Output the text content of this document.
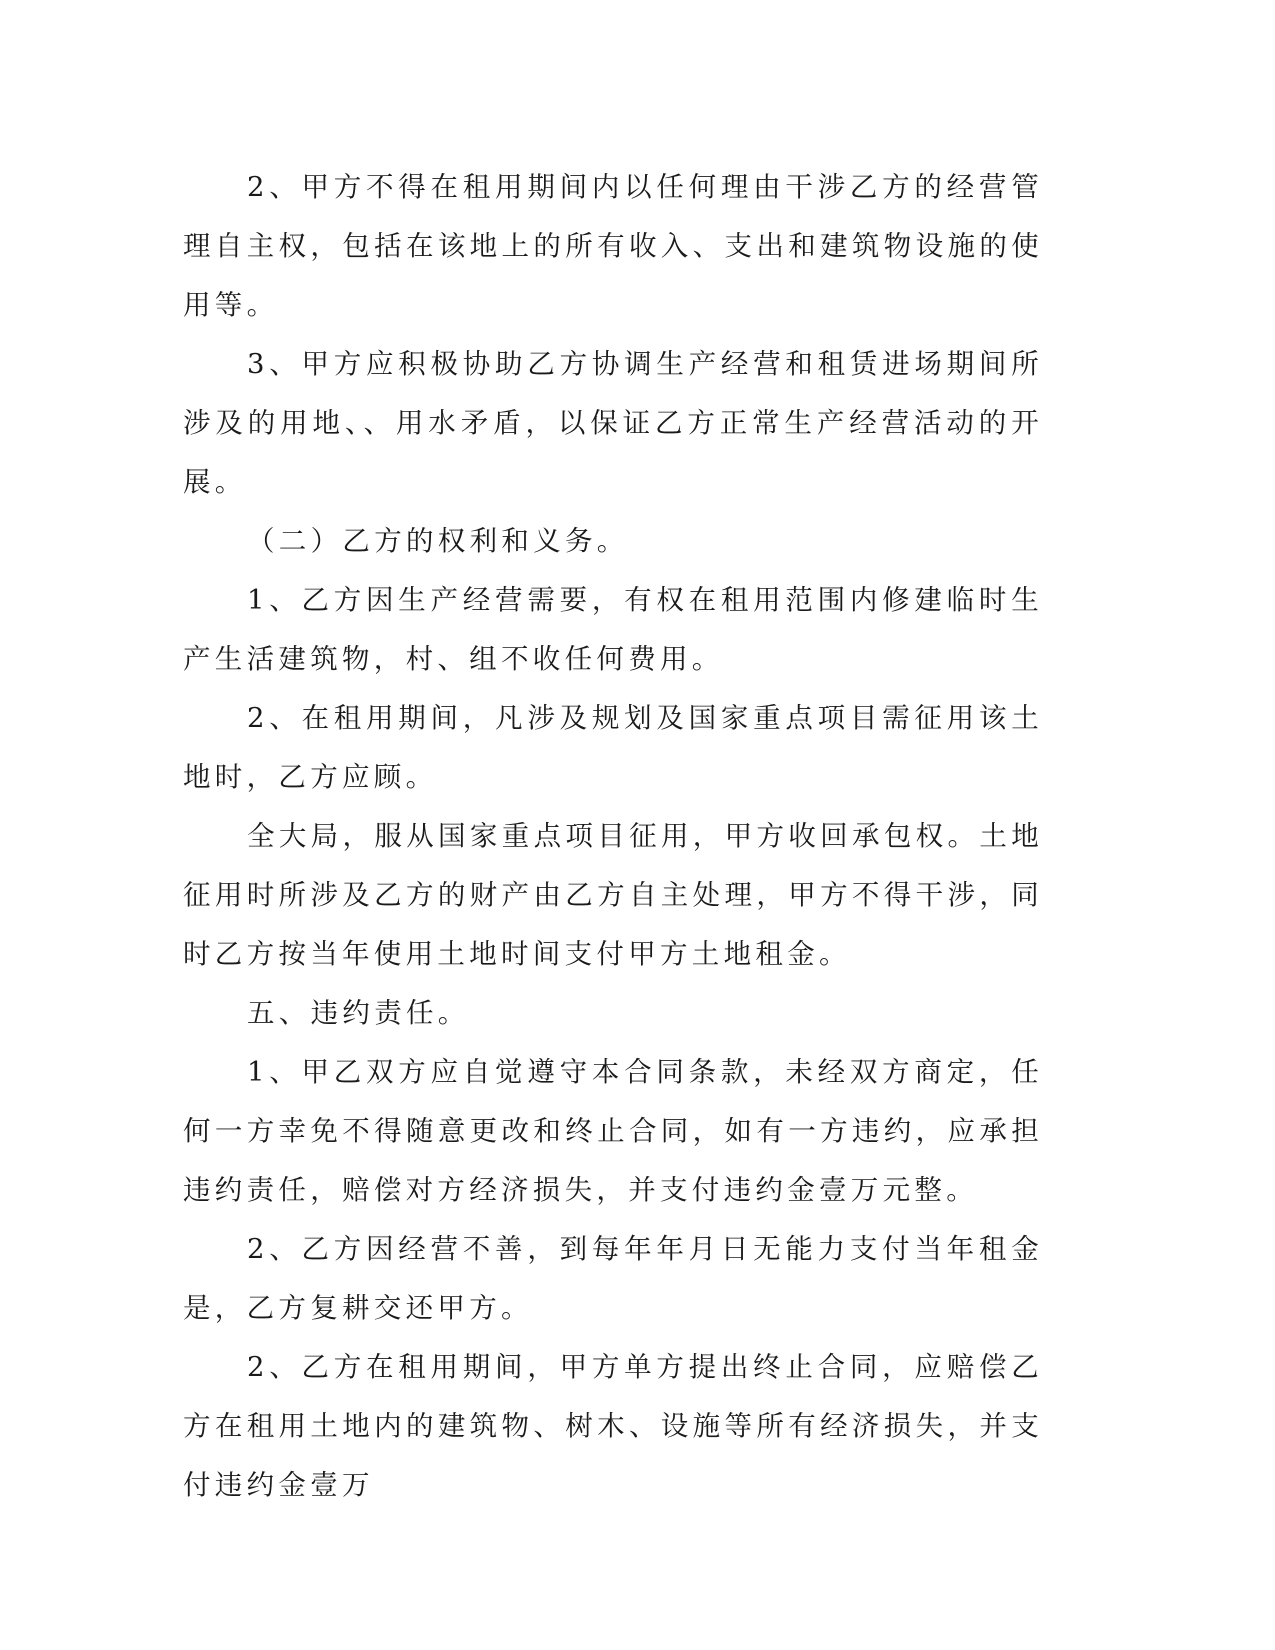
2、甲方不得在租用期间内以任何理由干涉乙方的经营管理自主权，包括在该地上的所有收入、支出和建筑物设施的使用等。

3、甲方应积极协助乙方协调生产经营和租赁进场期间所涉及的用地、、用水矛盾，以保证乙方正常生产经营活动的开展。

（二）乙方的权利和义务。

1、乙方因生产经营需要，有权在租用范围内修建临时生产生活建筑物，村、组不收任何费用。

2、在租用期间，凡涉及规划及国家重点项目需征用该土地时，乙方应顾。

全大局，服从国家重点项目征用，甲方收回承包权。土地征用时所涉及乙方的财产由乙方自主处理，甲方不得干涉，同时乙方按当年使用土地时间支付甲方土地租金。

五、违约责任。

1、甲乙双方应自觉遵守本合同条款，未经双方商定，任何一方幸免不得随意更改和终止合同，如有一方违约，应承担违约责任，赔偿对方经济损失，并支付违约金壹万元整。

2、乙方因经营不善，到每年年月日无能力支付当年租金是，乙方复耕交还甲方。

2、乙方在租用期间，甲方单方提出终止合同，应赔偿乙方在租用土地内的建筑物、树木、设施等所有经济损失，并支付违约金壹万
